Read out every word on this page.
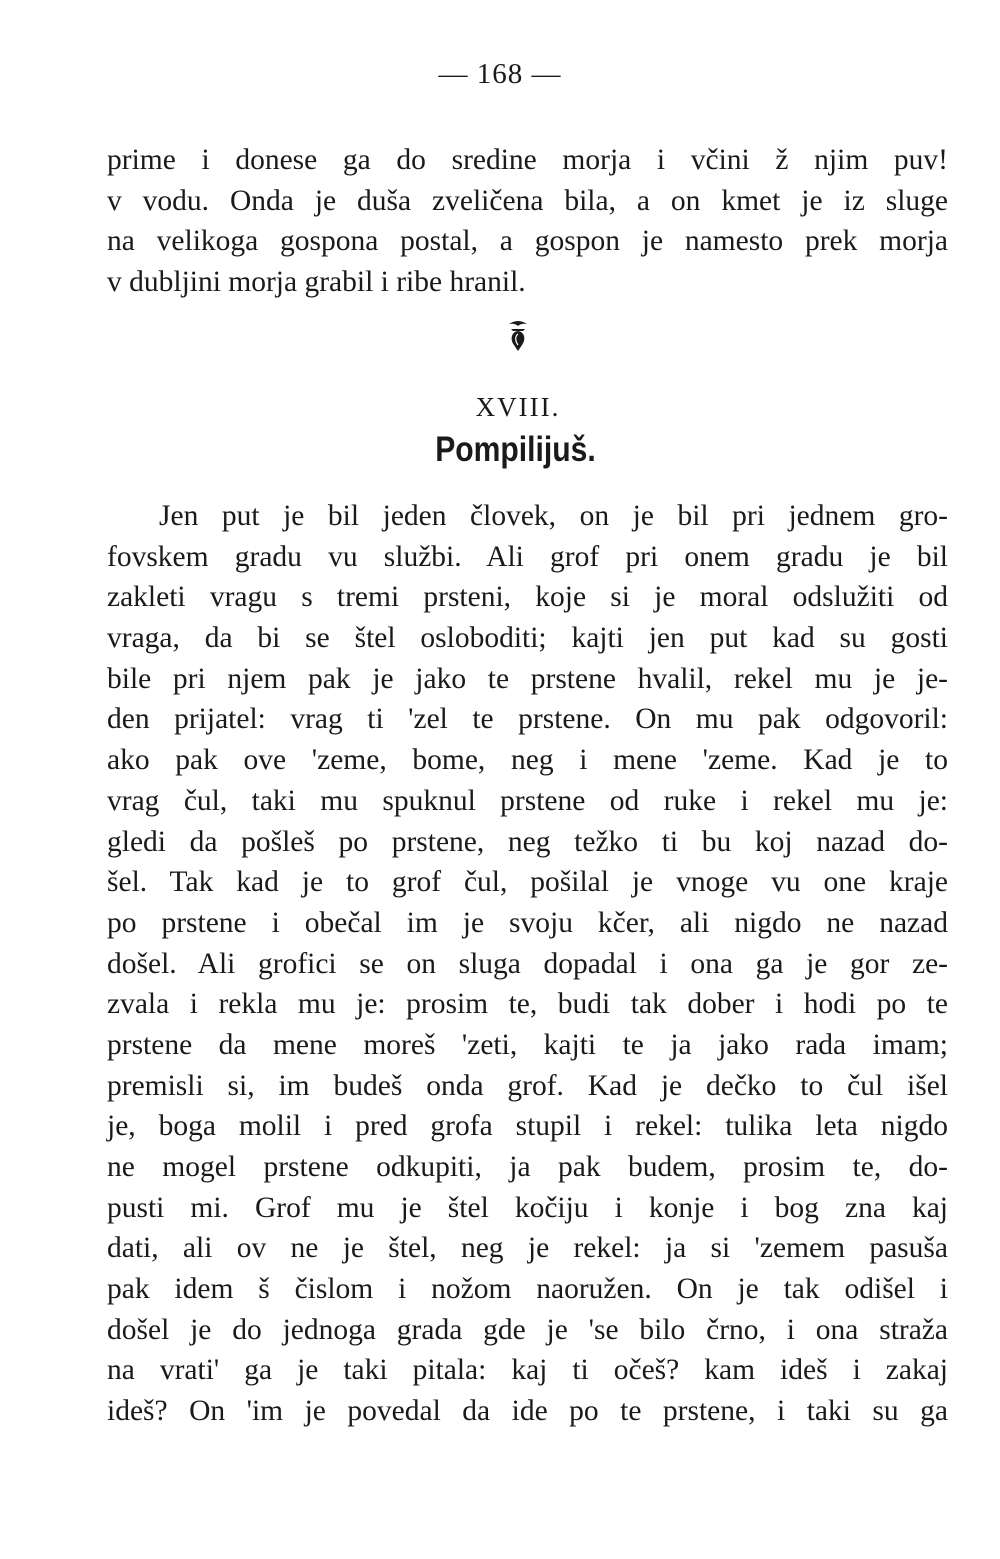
— 168 —
prime i donese ga do sredine morja i včini ž njim puv!
v vodu. Onda je duša zveličena bila, a on kmet je iz sluge
na velikoga gospona postal, a gospon je namesto prek morja
v dubljini morja grabil i ribe hranil.
XVIII.
Pompilijuš.
Jen put je bil jeden človek, on je bil pri jednem gro-
fovskem gradu vu službi. Ali grof pri onem gradu je bil
zakleti vragu s tremi prsteni, koje si je moral odslužiti od
vraga, da bi se štel osloboditi; kajti jen put kad su gosti
bile pri njem pak je jako te prstene hvalil, rekel mu je je-
den prijatel: vrag ti 'zel te prstene. On mu pak odgovoril:
ako pak ove 'zeme, bome, neg i mene 'zeme. Kad je to
vrag čul, taki mu spuknul prstene od ruke i rekel mu je:
gledi da pošleš po prstene, neg težko ti bu koj nazad do-
šel. Tak kad je to grof čul, pošilal je vnoge vu one kraje
po prstene i obečal im je svoju kčer, ali nigdo ne nazad
došel. Ali grofici se on sluga dopadal i ona ga je gor ze-
zvala i rekla mu je: prosim te, budi tak dober i hodi po te
prstene da mene moreš 'zeti, kajti te ja jako rada imam;
premisli si, im budeš onda grof. Kad je dečko to čul išel
je, boga molil i pred grofa stupil i rekel: tulika leta nigdo
ne mogel prstene odkupiti, ja pak budem, prosim te, do-
pusti mi. Grof mu je štel kočiju i konje i bog zna kaj
dati, ali ov ne je štel, neg je rekel: ja si 'zemem pasuša
pak idem š čislom i nožom naoružen. On je tak odišel i
došel je do jednoga grada gde je 'se bilo črno, i ona straža
na vrati' ga je taki pitala: kaj ti očeš? kam ideš i zakaj
ideš? On 'im je povedal da ide po te prstene, i taki su ga
